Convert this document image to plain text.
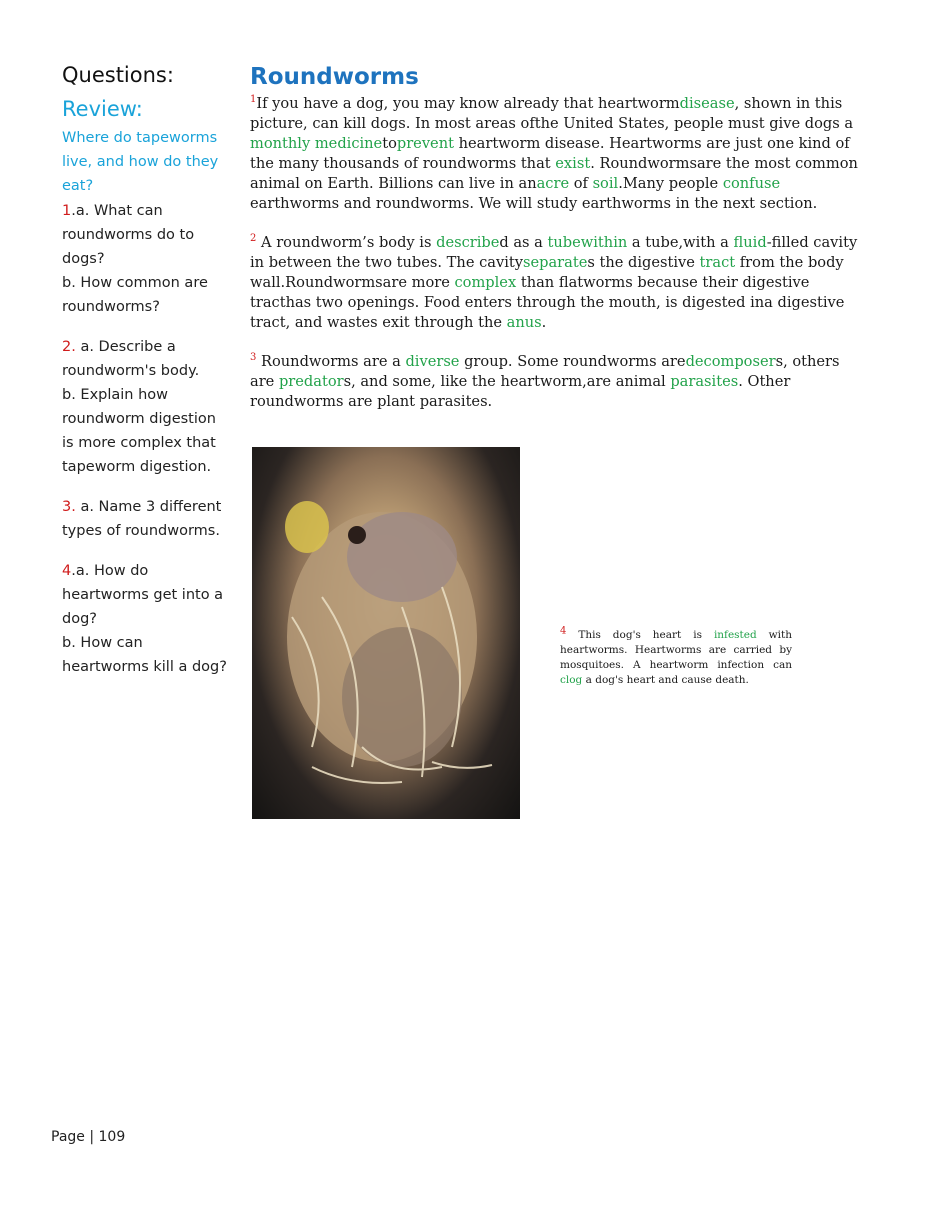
Questions:
Review:
Where do tapeworms live, and how do they eat?
1.a. What can roundworms do to dogs?
b. How common are roundworms?
2. a. Describe a roundworm's body.
b. Explain how roundworm digestion is more complex that tapeworm digestion.
3. a. Name 3 different types of roundworms.
4.a. How do heartworms get into a dog?
b. How can heartworms kill a dog?
Roundworms

$^1$If you have a dog, you may know already that heartwormdisease, shown in this picture, can kill dogs. In most areas ofthe United States, people must give dogs a monthly medicinetoprevent heartworm disease. Heartworms are just one kind of the many thousands of roundworms that exist. Roundwormsare the most common animal on Earth. Billions can live in anacre of soil.Many people confuse earthworms and roundworms. We will study earthworms in the next section.

$^2$ A roundworm’s body is described as a tubewithin a tube,with a fluid-filled cavity in between the two tubes. The cavityseparates the digestive tract from the body wall.Roundwormsare more complex than flatworms because their digestive tracthas two openings. Food enters through the mouth, is digested ina digestive tract, and wastes exit through the anus.

$^3$ Roundworms are a diverse group. Some roundworms aredecomposers, others are predators, and some, like the heartworm,are animal parasites. Other roundworms are plant parasites.

4 This dog's heart is infested with heartworms. Heartworms are carried by mosquitoes. A heartworm infection can clog a dog's heart and cause death.
Page | 109
